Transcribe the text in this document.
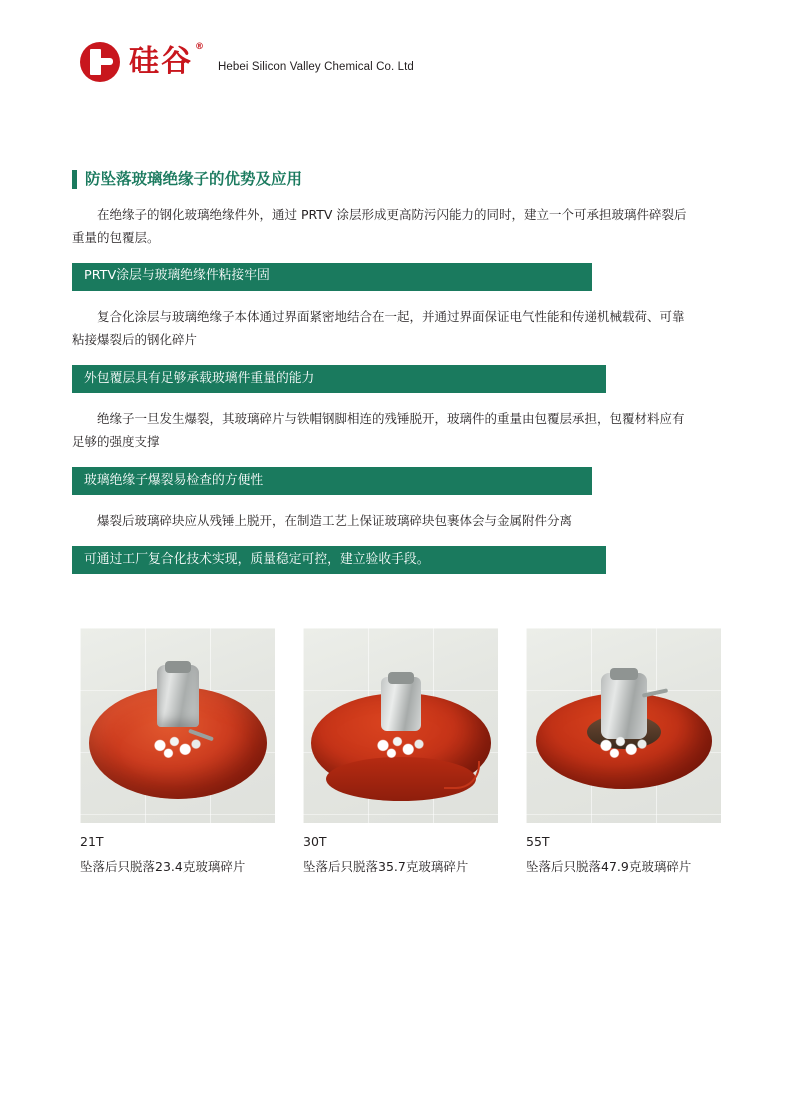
硅谷 ®
Hebei Silicon Valley Chemical Co. Ltd
防坠落玻璃绝缘子的优势及应用

在绝缘子的钢化玻璃绝缘件外，通过 PRTV 涂层形成更高防污闪能力的同时，建立一个可承担玻璃件碎裂后重量的包覆层。

PRTV涂层与玻璃绝缘件粘接牢固

复合化涂层与玻璃绝缘子本体通过界面紧密地结合在一起，并通过界面保证电气性能和传递机械载荷、可靠粘接爆裂后的钢化碎片

外包覆层具有足够承载玻璃件重量的能力

绝缘子一旦发生爆裂，其玻璃碎片与铁帽钢脚相连的残锤脱开，玻璃件的重量由包覆层承担，包覆材料应有足够的强度支撑

玻璃绝缘子爆裂易检查的方便性

爆裂后玻璃碎块应从残锤上脱开，在制造工艺上保证玻璃碎块包裹体会与金属附件分离

可通过工厂复合化技术实现，质量稳定可控，建立验收手段。
21T
坠落后只脱落23.4克玻璃碎片
30T
坠落后只脱落35.7克玻璃碎片
55T
坠落后只脱落47.9克玻璃碎片
